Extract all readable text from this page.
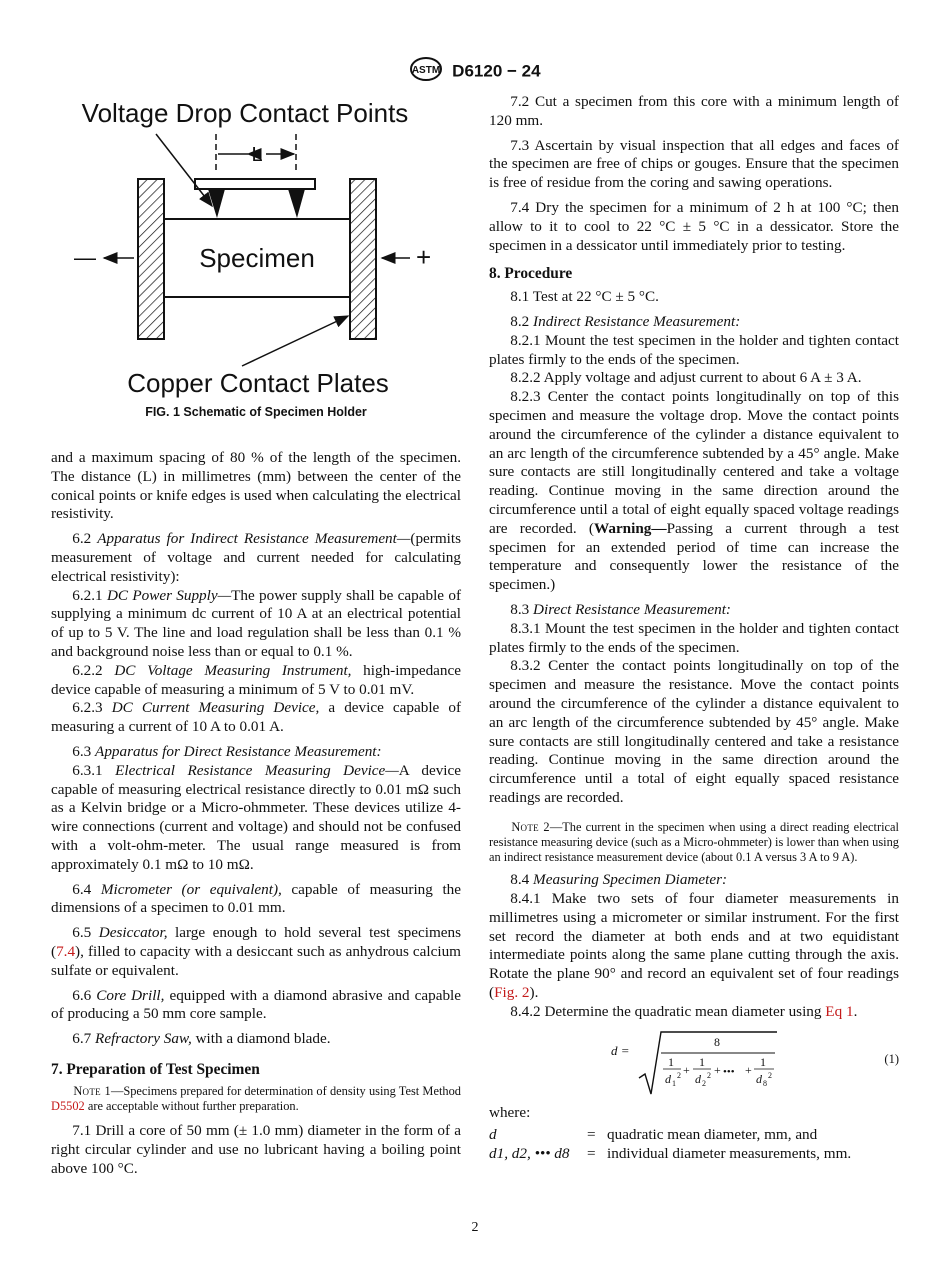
ASTM D6120 − 24
Voltage Drop Contact Points
L
Specimen
—	+
Copper Contact Plates
FIG. 1 Schematic of Specimen Holder

and a maximum spacing of 80 % of the length of the specimen. The distance (L) in millimetres (mm) between the center of the conical points or knife edges is used when calculating the electrical resistivity.

6.2 Apparatus for Indirect Resistance Measurement—(permits measurement of voltage and current needed for calculating electrical resistivity):

6.2.1 DC Power Supply—The power supply shall be capable of supplying a minimum dc current of 10 A at an electrical potential of up to 5 V. The line and load regulation shall be less than 0.1 % and background noise less than or equal to 0.1 %.

6.2.2 DC Voltage Measuring Instrument, high-impedance device capable of measuring a minimum of 5 V to 0.01 mV.

6.2.3 DC Current Measuring Device, a device capable of measuring a current of 10 A to 0.01 A.

6.3 Apparatus for Direct Resistance Measurement:

6.3.1 Electrical Resistance Measuring Device—A device capable of measuring electrical resistance directly to 0.01 mΩ such as a Kelvin bridge or a Micro-ohmmeter. These devices utilize 4-wire connections (current and voltage) and should not be confused with a volt-ohm-meter. The usual range measured is from approximately 0.1 mΩ to 10 mΩ.

6.4 Micrometer (or equivalent), capable of measuring the dimensions of a specimen to 0.01 mm.

6.5 Desiccator, large enough to hold several test specimens (7.4), filled to capacity with a desiccant such as anhydrous calcium sulfate or equivalent.

6.6 Core Drill, equipped with a diamond abrasive and capable of producing a 50 mm core sample.

6.7 Refractory Saw, with a diamond blade.

7. Preparation of Test Specimen
Note 1—Specimens prepared for determination of density using Test Method D5502 are acceptable without further preparation.

7.1 Drill a core of 50 mm (± 1.0 mm) diameter in the form of a right circular cylinder and use no lubricant having a boiling point above 100 °C.

7.2 Cut a specimen from this core with a minimum length of 120 mm.

7.3 Ascertain by visual inspection that all edges and faces of the specimen are free of chips or gouges. Ensure that the specimen is free of residue from the coring and sawing operations.

7.4 Dry the specimen for a minimum of 2 h at 100 °C; then allow to it to cool to 22 °C ± 5 °C in a dessicator. Store the specimen in a dessicator until immediately prior to testing.

8. Procedure

8.1 Test at 22 °C ± 5 °C.

8.2 Indirect Resistance Measurement:

8.2.1 Mount the test specimen in the holder and tighten contact plates firmly to the ends of the specimen.

8.2.2 Apply voltage and adjust current to about 6 A ± 3 A.

8.2.3 Center the contact points longitudinally on top of this specimen and measure the voltage drop. Move the contact points around the circumference of the cylinder a distance equivalent to an arc length of the circumference subtended by a 45° angle. Make sure contacts are still longitudinally centered and take a voltage reading. Continue moving in the same direction around the circumference until a total of eight equally spaced voltage readings are recorded. (Warning—Passing a current through a test specimen for an extended period of time can increase the temperature and consequently lower the resistance of the specimen.)

8.3 Direct Resistance Measurement:

8.3.1 Mount the test specimen in the holder and tighten contact plates firmly to the ends of the specimen.

8.3.2 Center the contact points longitudinally on top of the specimen and measure the resistance. Move the contact points around the circumference of the cylinder a distance equivalent to an arc length of the circumference subtended by 45° angle. Make sure contacts are still longitudinally centered and take a resistance reading. Continue moving in the same direction around the circumference until a total of eight equally spaced resistance readings are recorded.

Note 2—The current in the specimen when using a direct reading electrical resistance measuring device (such as a Micro-ohmmeter) is lower than when using an indirect resistance measurement device (about 0.1 A versus 3 A to 9 A).

8.4 Measuring Specimen Diameter:

8.4.1 Make two sets of four diameter measurements in millimetres using a micrometer or similar instrument. For the first set record the diameter at both ends and at two equidistant intermediate points along the same plane cutting through the axis. Rotate the plane 90° and record an equivalent set of four readings (Fig. 2).

8.4.2 Determine the quadratic mean diameter using Eq 1.

d =
8
1
d 1
2 +
1
d 2
2 + ••• +
1
d 8
2
(1)

where:

d	=	quadratic mean diameter, mm, and
d1, d2, ••• d8	=	individual diameter measurements, mm.
2
